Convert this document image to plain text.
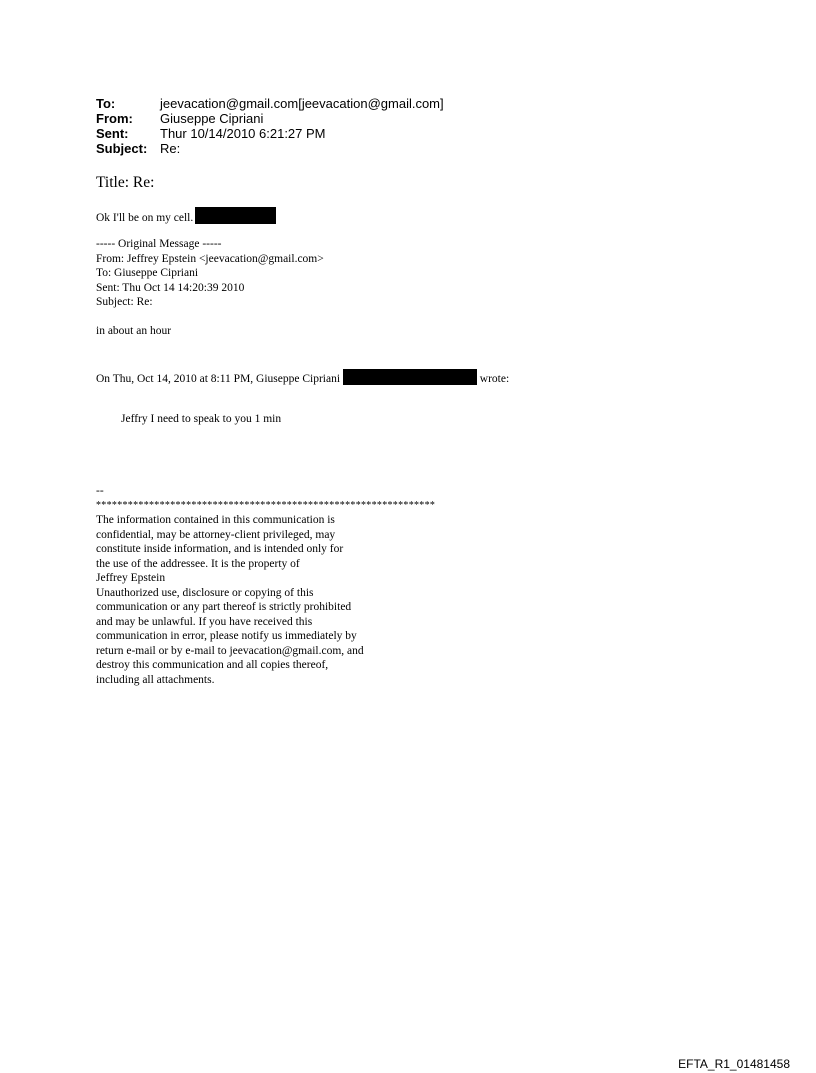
To:	jeevacation@gmail.com[jeevacation@gmail.com]
From:	Giuseppe Cipriani
Sent:	Thur 10/14/2010 6:21:27 PM
Subject: Re:
Title: Re:
Ok I'll be on my cell.
----- Original Message -----
From: Jeffrey Epstein <jeevacation@gmail.com>
To: Giuseppe Cipriani
Sent: Thu Oct 14 14:20:39 2010
Subject: Re:
in about an hour
On Thu, Oct 14, 2010 at 8:11 PM, Giuseppe Cipriani	wrote:
Jeffry I need to speak to you 1 min
--
****************************************************************
The information contained in this communication is
confidential, may be attorney-client privileged, may
constitute inside information, and is intended only for
the use of the addressee. It is the property of
Jeffrey Epstein
Unauthorized use, disclosure or copying of this
communication or any part thereof is strictly prohibited
and may be unlawful. If you have received this
communication in error, please notify us immediately by
return e-mail or by e-mail to jeevacation@gmail.com, and
destroy this communication and all copies thereof,
including all attachments.
EFTA_R1_01481458
